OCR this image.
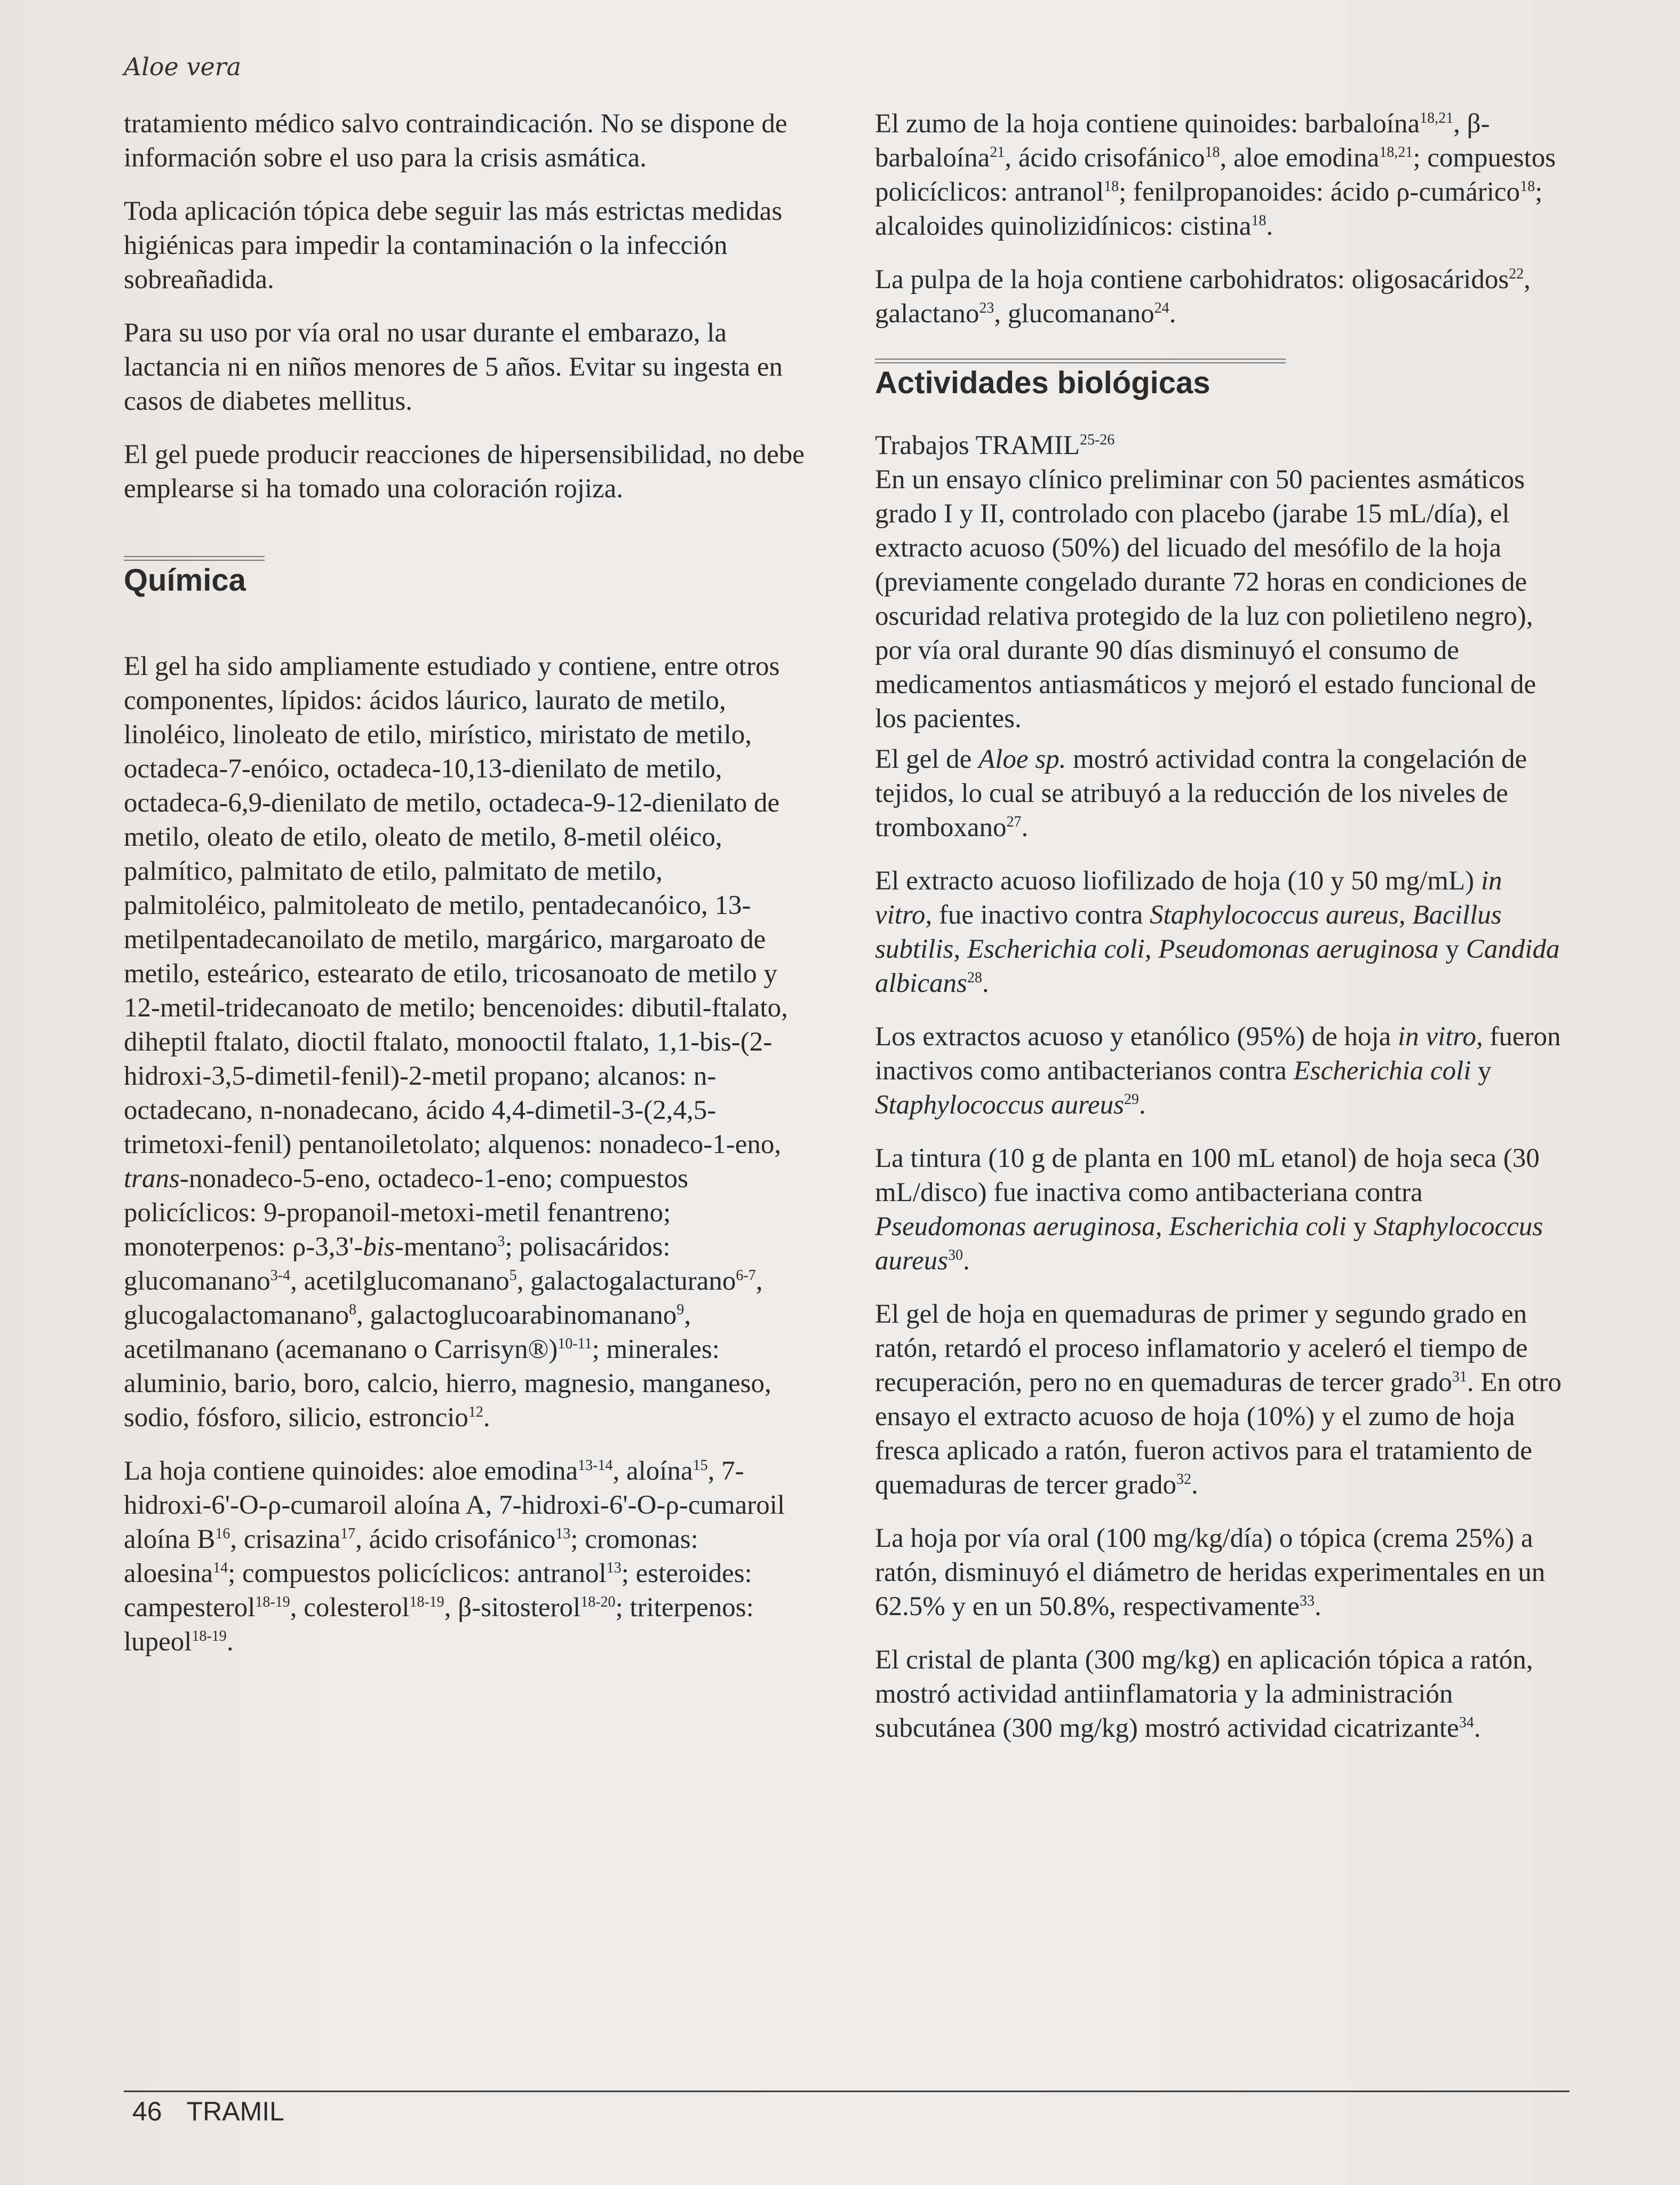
Aloe vera

tratamiento médico salvo contraindicación. No se dispone de información sobre el uso para la crisis asmática.

Toda aplicación tópica debe seguir las más estrictas medidas higiénicas para impedir la contaminación o la infección sobreañadida.

Para su uso por vía oral no usar durante el embarazo, la lactancia ni en niños menores de 5 años. Evitar su ingesta en casos de diabetes mellitus.

El gel puede producir reacciones de hipersensibilidad, no debe emplearse si ha tomado una coloración rojiza.

Química

El gel ha sido ampliamente estudiado y contiene, entre otros componentes, lípidos: ácidos láurico, laurato de metilo, linoléico, linoleato de etilo, mirístico, miristato de metilo, octadeca-7-enóico, octadeca-10,13-dienilato de metilo, octadeca-6,9-dienilato de metilo, octadeca-9-12-dienilato de metilo, oleato de etilo, oleato de metilo, 8-metil oléico, palmítico, palmitato de etilo, palmitato de metilo, palmitoléico, palmitoleato de metilo, pentadecanóico, 13-metilpentadecanoilato de metilo, margárico, margaroato de metilo, esteárico, estearato de etilo, tricosanoato de metilo y

12-metil-tridecanoato de metilo; bencenoides: dibutil-ftalato, diheptil ftalato, dioctil ftalato, monooctil ftalato, 1,1-bis-(2-hidroxi-3,5-dimetil-fenil)-2-metil propano; alcanos: n-octadecano, n-nonadecano, ácido 4,4-dimetil-3-(2,4,5-trimetoxi-fenil) pentanoiletolato; alquenos: nonadeco-1-eno, trans-nonadeco-5-eno, octadeco-1-eno; compuestos policíclicos: 9-propanoil-metoxi-metil fenantreno; monoterpenos: ρ-3,3'-bis-mentano$^3$; polisacáridos: glucomanano$^{3-4}$, acetilglucomanano$^5$, galactogalacturano$^{6-7}$, glucogalactomanano$^8$, galactoglucoarabinomanano$^9$, acetilmanano (acemanano o Carrisyn®)$^{10-11}$; minerales: aluminio, bario, boro, calcio, hierro, magnesio, manganeso, sodio, fósforo, silicio, estroncio$^{12}$.

La hoja contiene quinoides: aloe emodina$^{13-14}$, aloína$^{15}$, 7-hidroxi-6'-O-ρ-cumaroil aloína A, 7-hidroxi-6'-O-ρ-cumaroil aloína $B^{16}$, crisazina$^{17}$, ácido crisofánico$^{13}$; cromonas: aloesina$^{14}$; compuestos policíclicos: antranol$^{13}$; esteroides: campesterol$^{18-19}$, colesterol$^{18-19}$, β-sitosterol$^{18-20}$; triterpenos: lupeol$^{18-19}$.

El zumo de la hoja contiene quinoides: barbaloína$^{18,21}$, β-barbaloína$^{21}$, ácido crisofánico$^{18}$, aloe emodina$^{18,21}$; compuestos policíclicos: antranol$^{18}$; fenilpropanoides: ácido ρ-cumárico$^{18}$; alcaloides quinolizidínicos: cistina$^{18}$.

La pulpa de la hoja contiene carbohidratos: oligosacáridos$^{22}$, galactano$^{23}$, glucomanano$^{24}$.

Actividades biológicas

Trabajos TRAMIL$^{25-26}$

En un ensayo clínico preliminar con 50 pacientes asmáticos grado I y II, controlado con placebo (jarabe 15 mL/día), el extracto acuoso (50%) del licuado del mesófilo de la hoja (previamente congelado durante 72 horas en condiciones de oscuridad relativa protegido de la luz con polietileno negro), por vía oral durante 90 días disminuyó el consumo de medicamentos antiasmáticos y mejoró el estado funcional de los pacientes.

El gel de Aloe sp. mostró actividad contra la congelación de tejidos, lo cual se atribuyó a la reducción de los niveles de tromboxano$^{27}$.

El extracto acuoso liofilizado de hoja (10 y 50 mg/mL) in vitro, fue inactivo contra Staphylococcus aureus, Bacillus subtilis, Escherichia coli, Pseudomonas aeruginosa y Candida albicans$^{28}$.

Los extractos acuoso y etanólico (95%) de hoja in vitro, fueron inactivos como antibacterianos contra Escherichia coli y Staphylococcus aureus$^{29}$.

La tintura (10 g de planta en 100 mL etanol) de hoja seca (30 mL/disco) fue inactiva como antibacteriana contra Pseudomonas aeruginosa, Escherichia coli y Staphylococcus aureus$^{30}$.

El gel de hoja en quemaduras de primer y segundo grado en ratón, retardó el proceso inflamatorio y aceleró el tiempo de recuperación, pero no en quemaduras de tercer grado$^{31}$. En otro ensayo el extracto acuoso de hoja (10%) y el zumo de hoja fresca aplicado a ratón, fueron activos para el tratamiento de quemaduras de tercer grado$^{32}$.

La hoja por vía oral (100 mg/kg/día) o tópica (crema 25%) a ratón, disminuyó el diámetro de heridas experimentales en un 62.5% y en un 50.8%, respectivamente$^{33}$.

El cristal de planta (300 mg/kg) en aplicación tópica a ratón, mostró actividad antiinflamatoria y la administración subcutánea (300 mg/kg) mostró actividad cicatrizante$^{34}$.

46 TRAMIL
